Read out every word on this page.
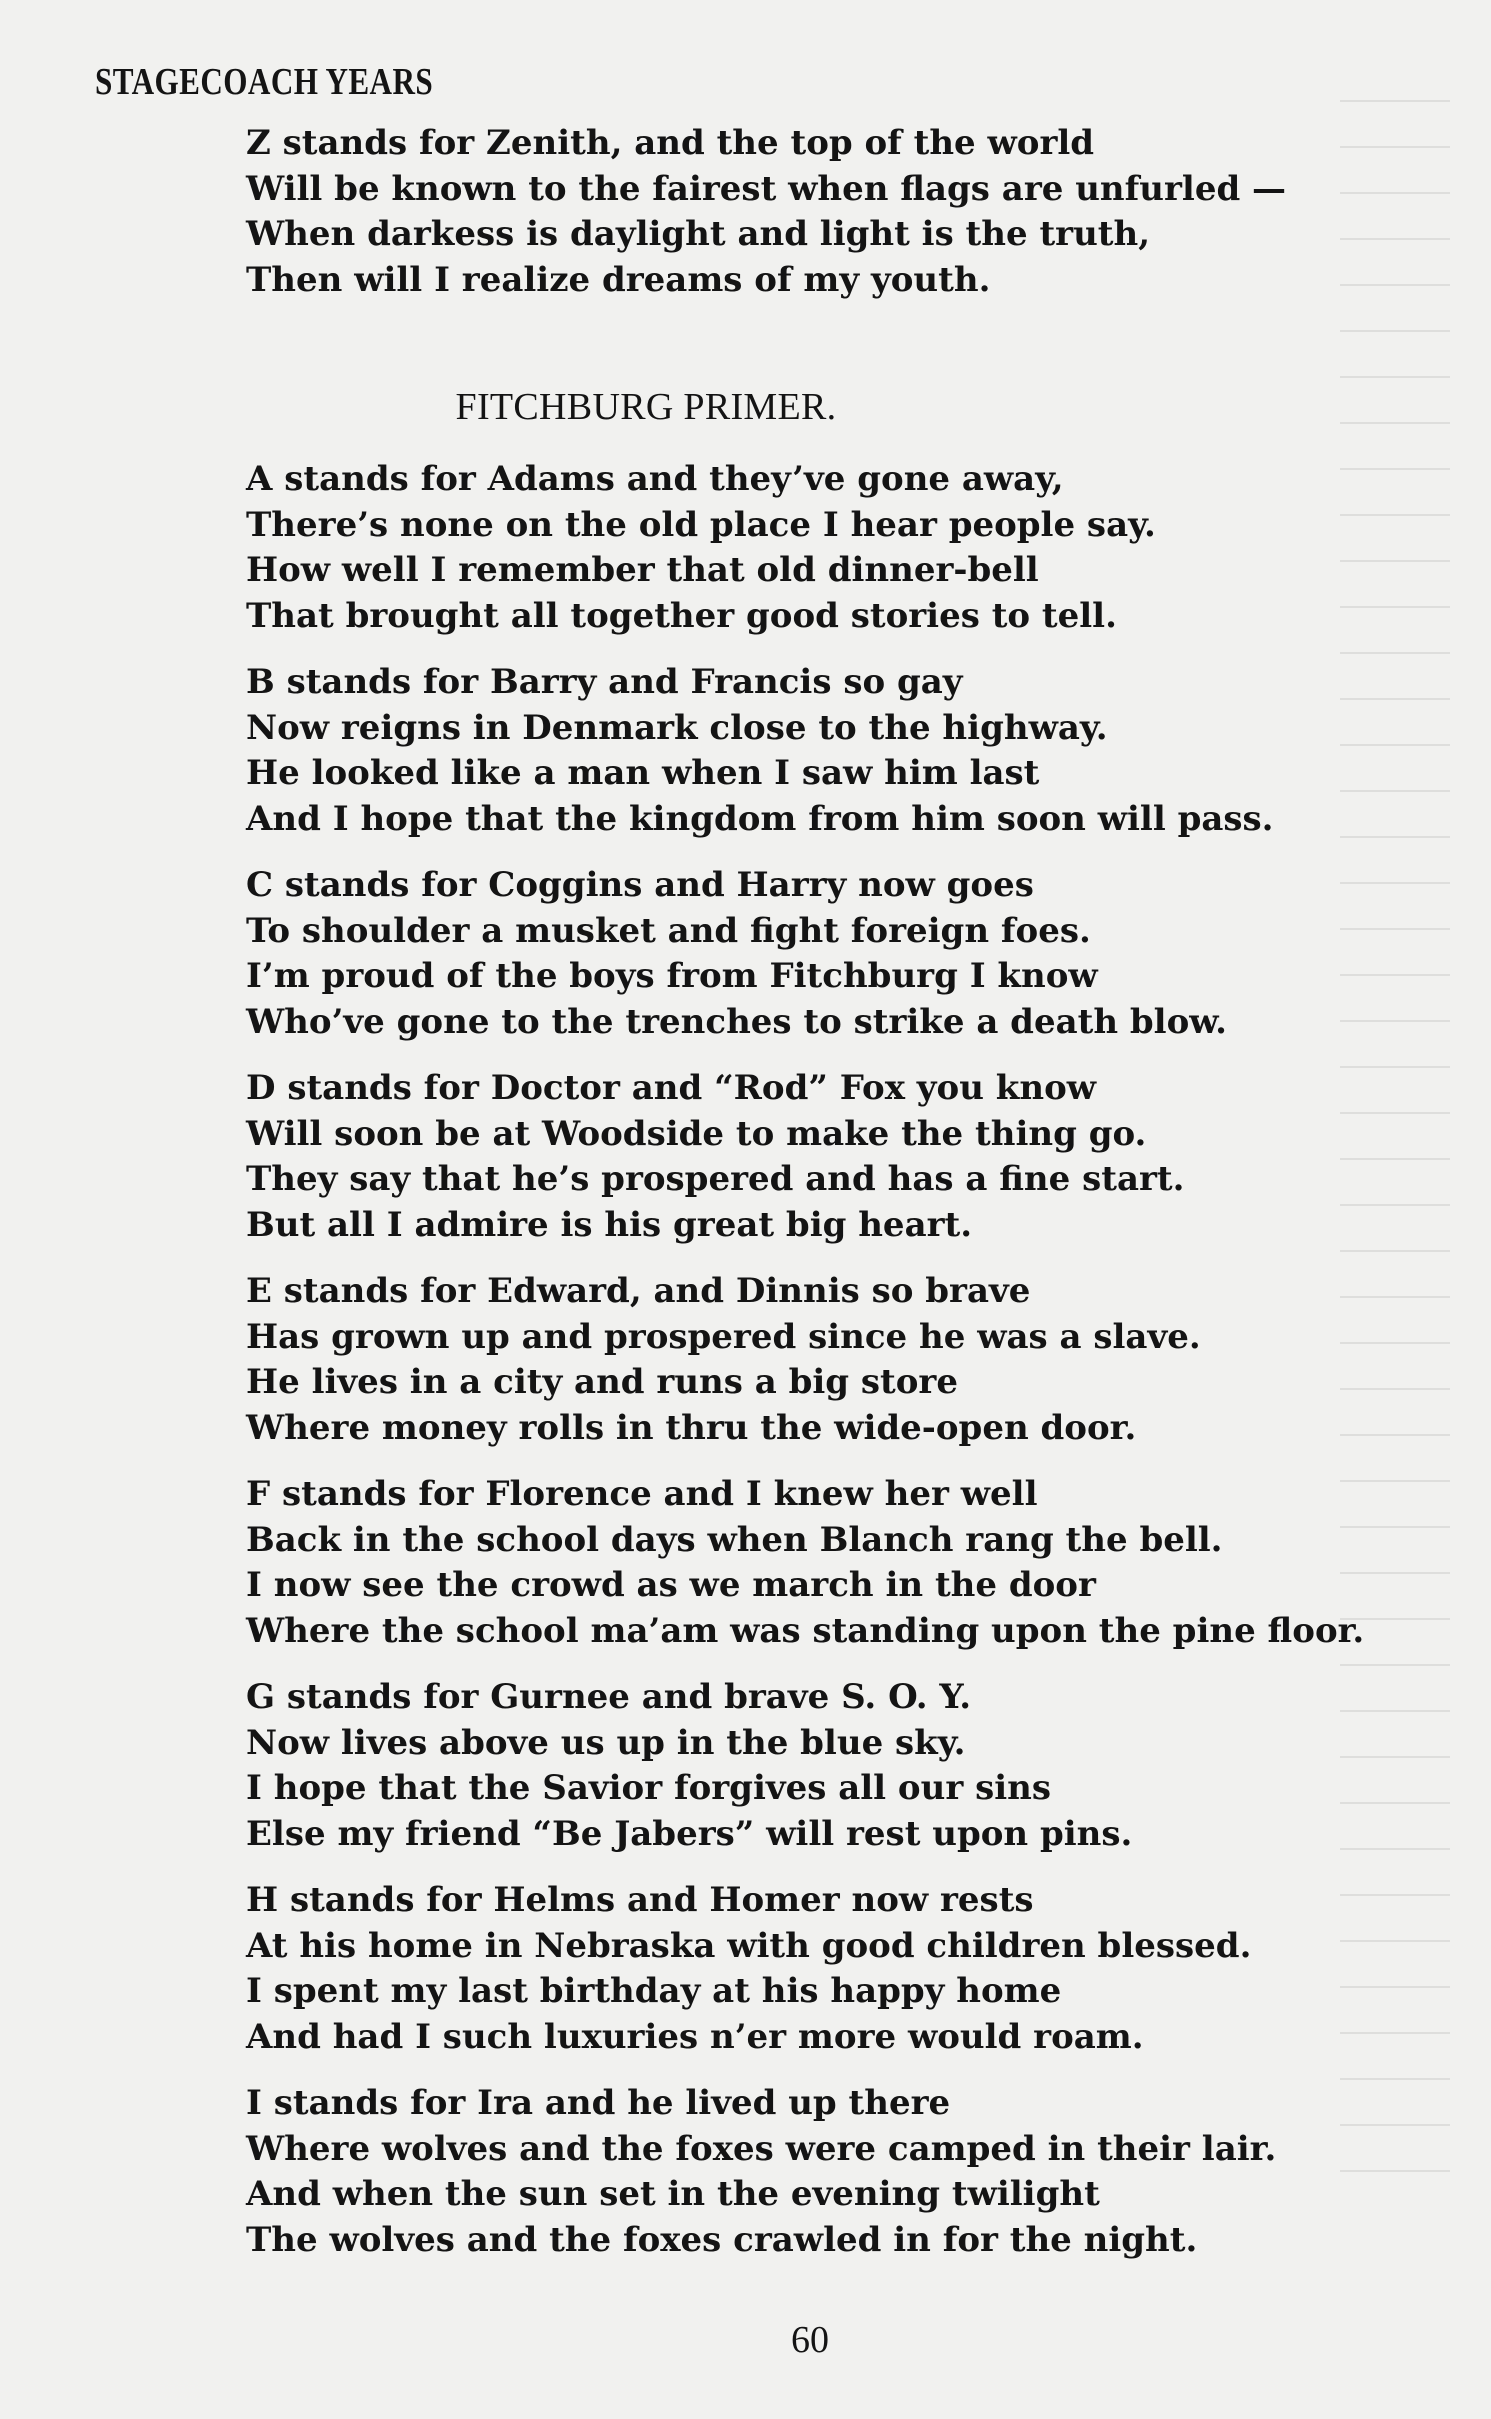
STAGECOACH YEARS

Z stands for Zenith, and the top of the world
Will be known to the fairest when flags are unfurled —
When darkess is daylight and light is the truth,
Then will I realize dreams of my youth.

FITCHBURG PRIMER.

A stands for Adams and they’ve gone away,
There’s none on the old place I hear people say.
How well I remember that old dinner-bell
That brought all together good stories to tell.

B stands for Barry and Francis so gay
Now reigns in Denmark close to the highway.
He looked like a man when I saw him last
And I hope that the kingdom from him soon will pass.

C stands for Coggins and Harry now goes
To shoulder a musket and fight foreign foes.
I’m proud of the boys from Fitchburg I know
Who’ve gone to the trenches to strike a death blow.

D stands for Doctor and “Rod” Fox you know
Will soon be at Woodside to make the thing go.
They say that he’s prospered and has a fine start.
But all I admire is his great big heart.

E stands for Edward, and Dinnis so brave
Has grown up and prospered since he was a slave.
He lives in a city and runs a big store
Where money rolls in thru the wide-open door.

F stands for Florence and I knew her well
Back in the school days when Blanch rang the bell.
I now see the crowd as we march in the door
Where the school ma’am was standing upon the pine floor.

G stands for Gurnee and brave S. O. Y.
Now lives above us up in the blue sky.
I hope that the Savior forgives all our sins
Else my friend “Be Jabers” will rest upon pins.

H stands for Helms and Homer now rests
At his home in Nebraska with good children blessed.
I spent my last birthday at his happy home
And had I such luxuries n’er more would roam.

I stands for Ira and he lived up there
Where wolves and the foxes were camped in their lair.
And when the sun set in the evening twilight
The wolves and the foxes crawled in for the night.

60
